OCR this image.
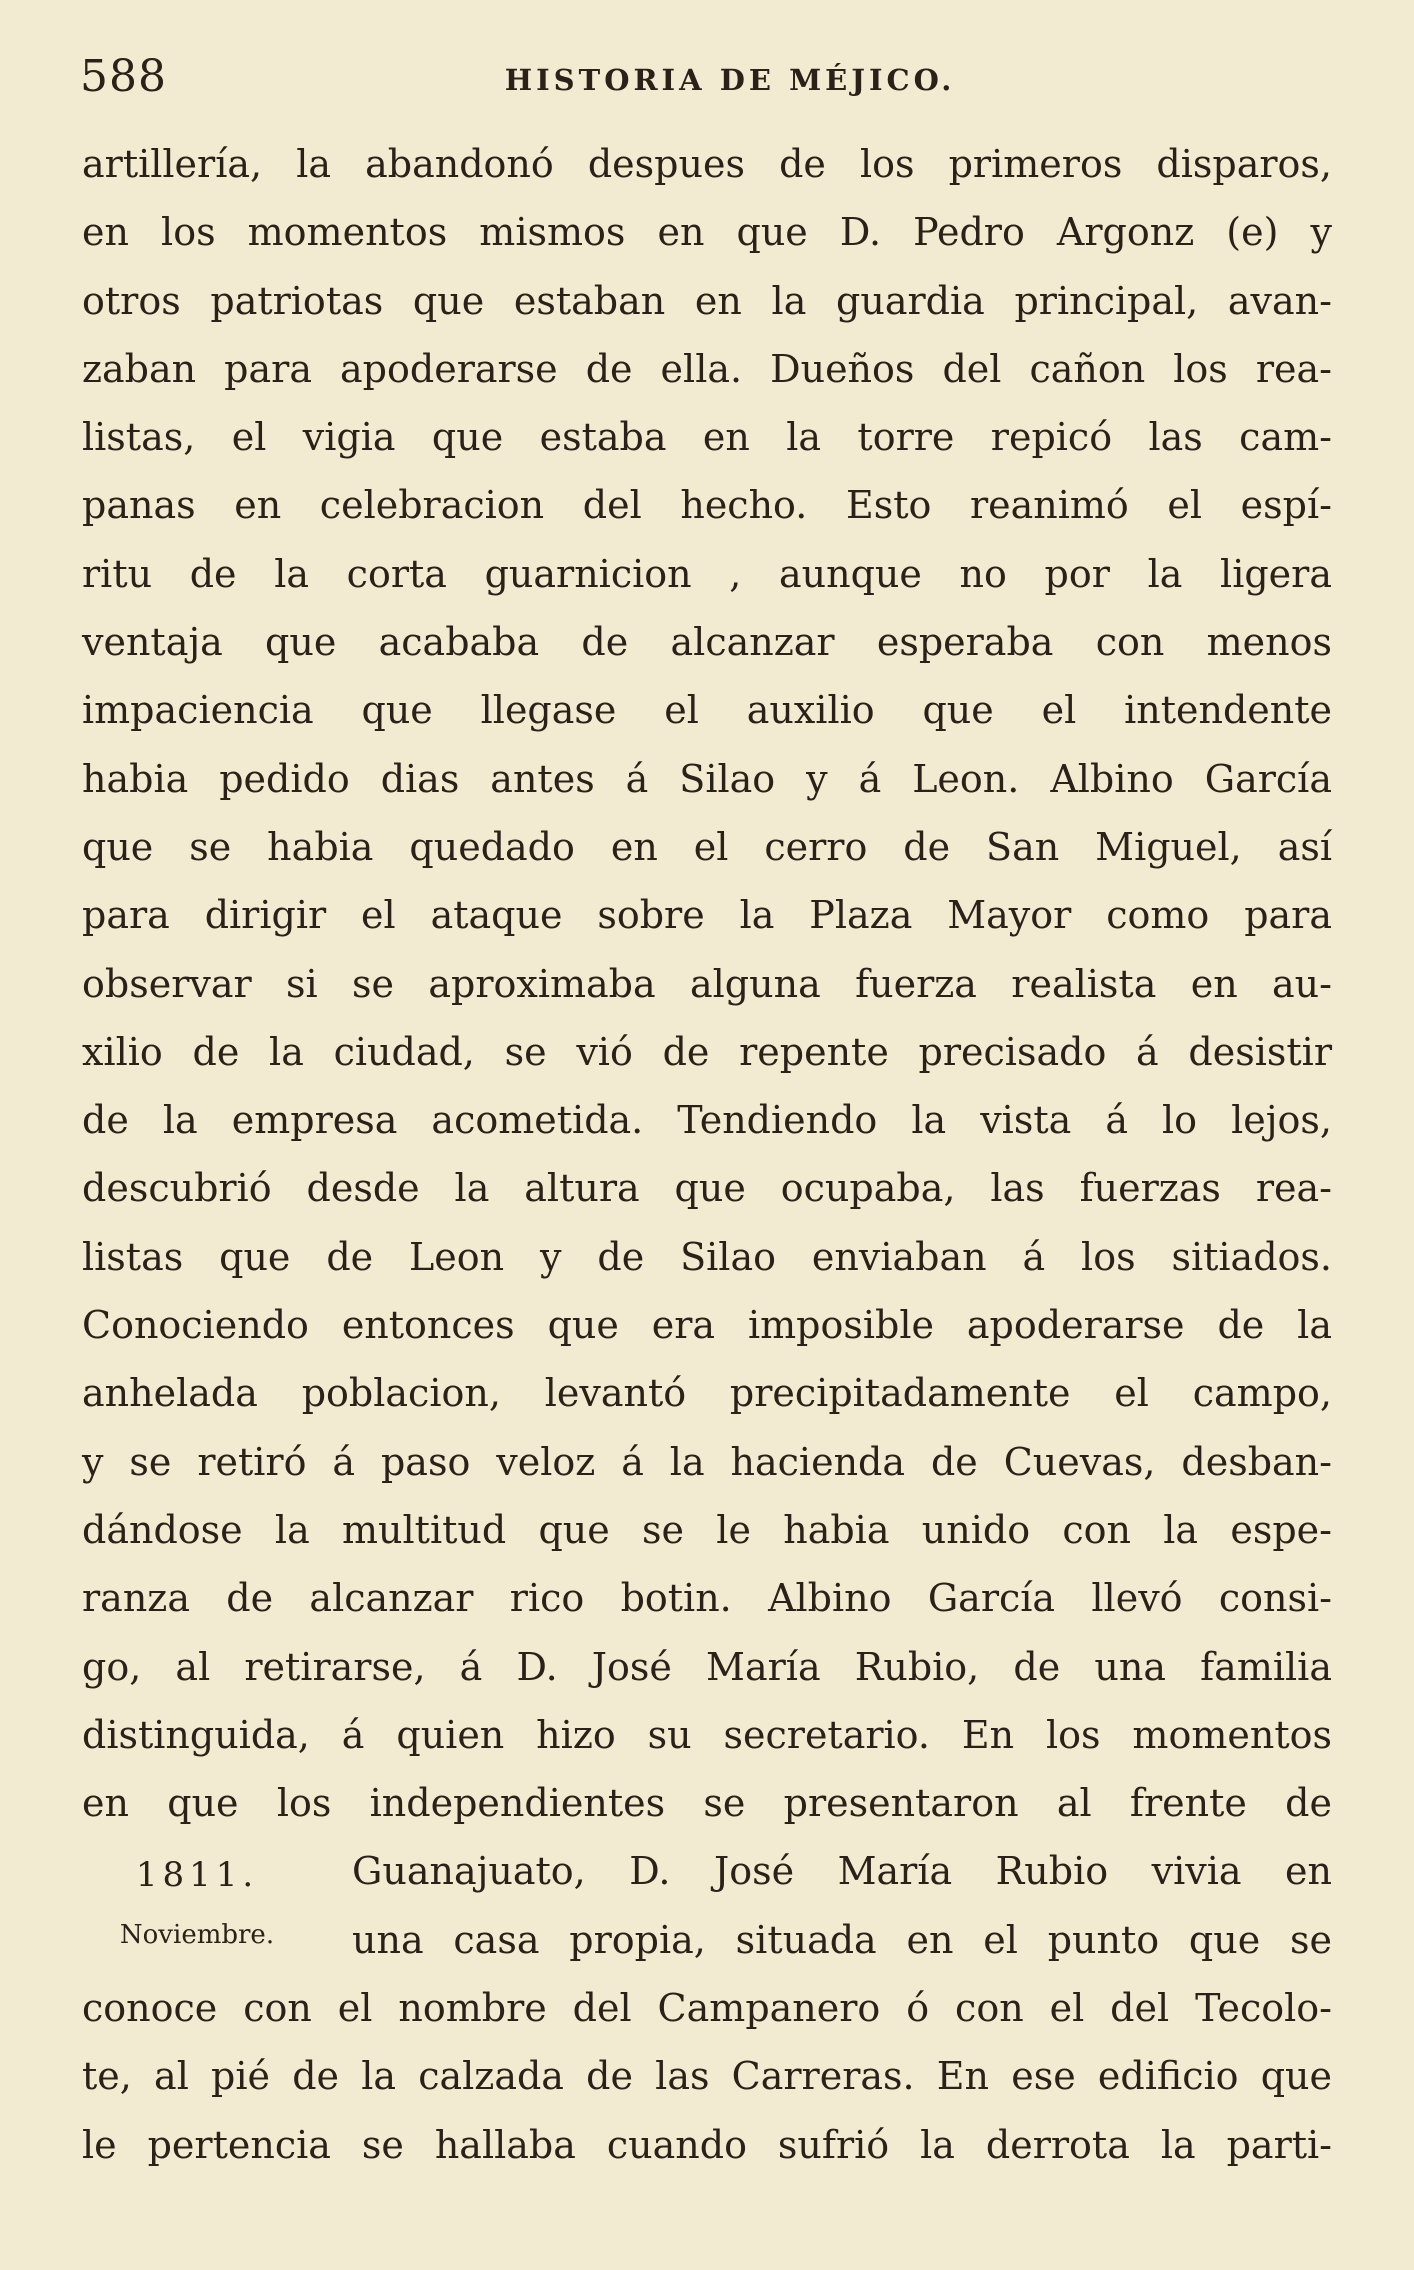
588	HISTORIA DE MÉJICO.
artillería, la abandonó despues de los primeros disparos,
en los momentos mismos en que D. Pedro Argonz (e) y
otros patriotas que estaban en la guardia principal, avan-
zaban para apoderarse de ella. Dueños del cañon los rea-
listas, el vigia que estaba en la torre repicó las cam-
panas en celebracion del hecho. Esto reanimó el espí-
ritu de la corta guarnicion , aunque no por la ligera
ventaja que acababa de alcanzar esperaba con menos
impaciencia que llegase el auxilio que el intendente
habia pedido dias antes á Silao y á Leon. Albino García
que se habia quedado en el cerro de San Miguel, así
para dirigir el ataque sobre la Plaza Mayor como para
observar si se aproximaba alguna fuerza realista en au-
xilio de la ciudad, se vió de repente precisado á desistir
de la empresa acometida. Tendiendo la vista á lo lejos,
descubrió desde la altura que ocupaba, las fuerzas rea-
listas que de Leon y de Silao enviaban á los sitiados.
Conociendo entonces que era imposible apoderarse de la
anhelada poblacion, levantó precipitadamente el campo,
y se retiró á paso veloz á la hacienda de Cuevas, desban-
dándose la multitud que se le habia unido con la espe-
ranza de alcanzar rico botin. Albino García llevó consi-
go, al retirarse, á D. José María Rubio, de una familia
distinguida, á quien hizo su secretario. En los momentos
en que los independientes se presentaron al frente de
Guanajuato, D. José María Rubio vivia en
una casa propia, situada en el punto que se
conoce con el nombre del Campanero ó con el del Tecolo-
te, al pié de la calzada de las Carreras. En ese edificio que
le pertencia se hallaba cuando sufrió la derrota la parti-
1811.
Noviembre.
